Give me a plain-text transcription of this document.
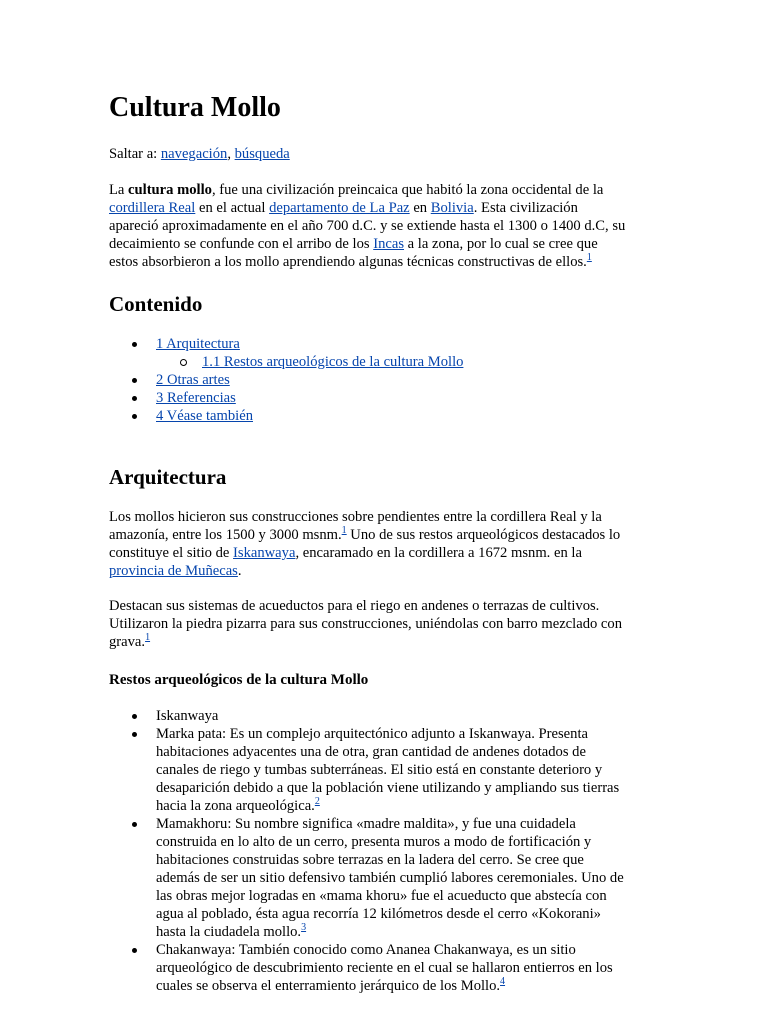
Cultura Mollo
Saltar a: navegación, búsqueda
La cultura mollo, fue una civilización preincaica que habitó la zona occidental de la
cordillera Real en el actual departamento de La Paz en Bolivia. Esta civilización
apareció aproximadamente en el año 700 d.C. y se extiende hasta el 1300 o 1400 d.C, su
decaimiento se confunde con el arribo de los Incas a la zona, por lo cual se cree que
estos absorbieron a los mollo aprendiendo algunas técnicas constructivas de ellos.$^1$
Contenido
1 Arquitectura
1.1 Restos arqueológicos de la cultura Mollo
2 Otras artes
3 Referencias
4 Véase también
Arquitectura
Los mollos hicieron sus construcciones sobre pendientes entre la cordillera Real y la
amazonía, entre los 1500 y 3000 msnm.$^1$ Uno de sus restos arqueológicos destacados lo
constituye el sitio de Iskanwaya, encaramado en la cordillera a 1672 msnm. en la
provincia de Muñecas.
Destacan sus sistemas de acueductos para el riego en andenes o terrazas de cultivos.
Utilizaron la piedra pizarra para sus construcciones, uniéndolas con barro mezclado con
grava.$^1$
Restos arqueológicos de la cultura Mollo
Iskanwaya
Marka pata: Es un complejo arquitectónico adjunto a Iskanwaya. Presenta
habitaciones adyacentes una de otra, gran cantidad de andenes dotados de
canales de riego y tumbas subterráneas. El sitio está en constante deterioro y
desaparición debido a que la población viene utilizando y ampliando sus tierras
hacia la zona arqueológica.$^2$
Mamakhoru: Su nombre significa «madre maldita», y fue una cuidadela
construida en lo alto de un cerro, presenta muros a modo de fortificación y
habitaciones construidas sobre terrazas en la ladera del cerro. Se cree que
además de ser un sitio defensivo también cumplió labores ceremoniales. Uno de
las obras mejor logradas en «mama khoru» fue el acueducto que abstecía con
agua al poblado, ésta agua recorría 12 kilómetros desde el cerro «Kokorani»
hasta la ciudadela mollo.$^3$
Chakanwaya: También conocido como Ananea Chakanwaya, es un sitio
arqueológico de descubrimiento reciente en el cual se hallaron entierros en los
cuales se observa el enterramiento jerárquico de los Mollo.$^4$
